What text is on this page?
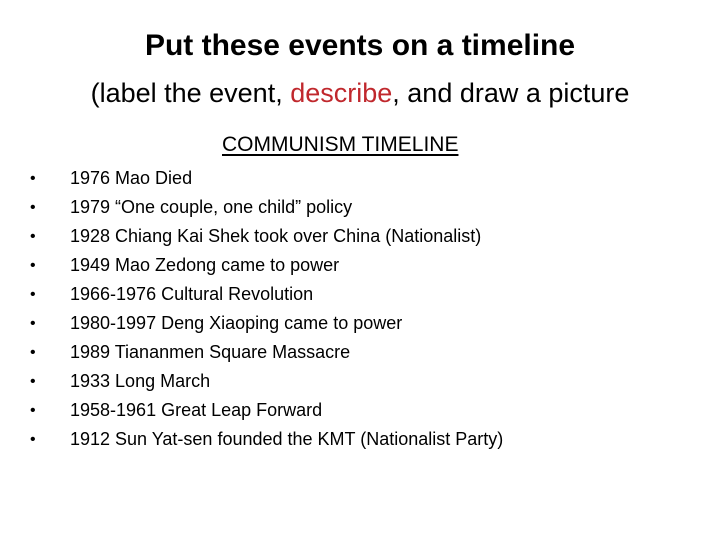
Put these events on a timeline
(label the event, describe, and draw a picture
COMMUNISM TIMELINE
•	1976 Mao Died
•	1979 “One couple, one child” policy
•	1928 Chiang Kai Shek took over China (Nationalist)
•	1949 Mao Zedong came to power
•	1966-1976 Cultural Revolution
•	1980-1997 Deng Xiaoping came to power
•	1989 Tiananmen Square Massacre
•	1933 Long March
•	1958-1961 Great Leap Forward
•	1912 Sun Yat-sen founded the KMT (Nationalist Party)
